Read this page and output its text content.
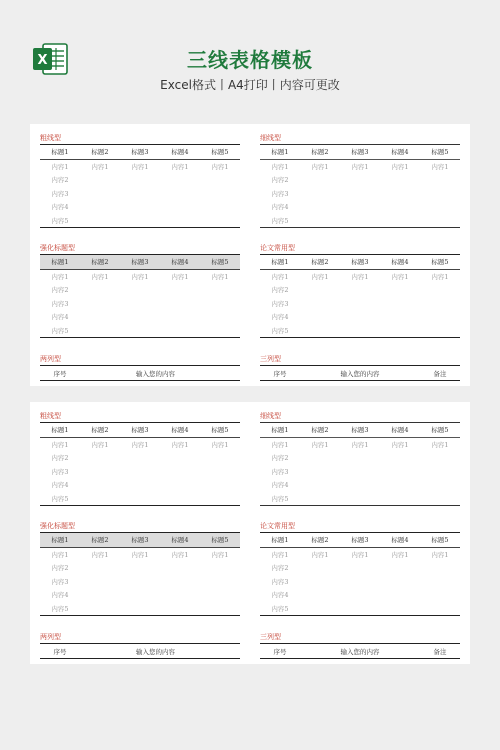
X	三线表格模板
Excel格式丨A4打印丨内容可更改
粗线型
标题1	标题2	标题3	标题4	标题5
内容1	内容1	内容1	内容1	内容1
内容2				
内容3				
内容4				
内容5				
细线型
标题1	标题2	标题3	标题4	标题5
内容1	内容1	内容1	内容1	内容1
内容2				
内容3				
内容4				
内容5				
强化标题型
标题1	标题2	标题3	标题4	标题5
内容1	内容1	内容1	内容1	内容1
内容2				
内容3				
内容4				
内容5				
论文常用型
标题1	标题2	标题3	标题4	标题5
内容1	内容1	内容1	内容1	内容1
内容2				
内容3				
内容4				
内容5				
两列型
序号	输入您的内容	
三列型
序号	输入您的内容	备注
粗线型
标题1	标题2	标题3	标题4	标题5
内容1	内容1	内容1	内容1	内容1
内容2				
内容3				
内容4				
内容5				
细线型
标题1	标题2	标题3	标题4	标题5
内容1	内容1	内容1	内容1	内容1
内容2				
内容3				
内容4				
内容5				
强化标题型
标题1	标题2	标题3	标题4	标题5
内容1	内容1	内容1	内容1	内容1
内容2				
内容3				
内容4				
内容5				
论文常用型
标题1	标题2	标题3	标题4	标题5
内容1	内容1	内容1	内容1	内容1
内容2				
内容3				
内容4				
内容5				
两列型
序号	输入您的内容	
三列型
序号	输入您的内容	备注
